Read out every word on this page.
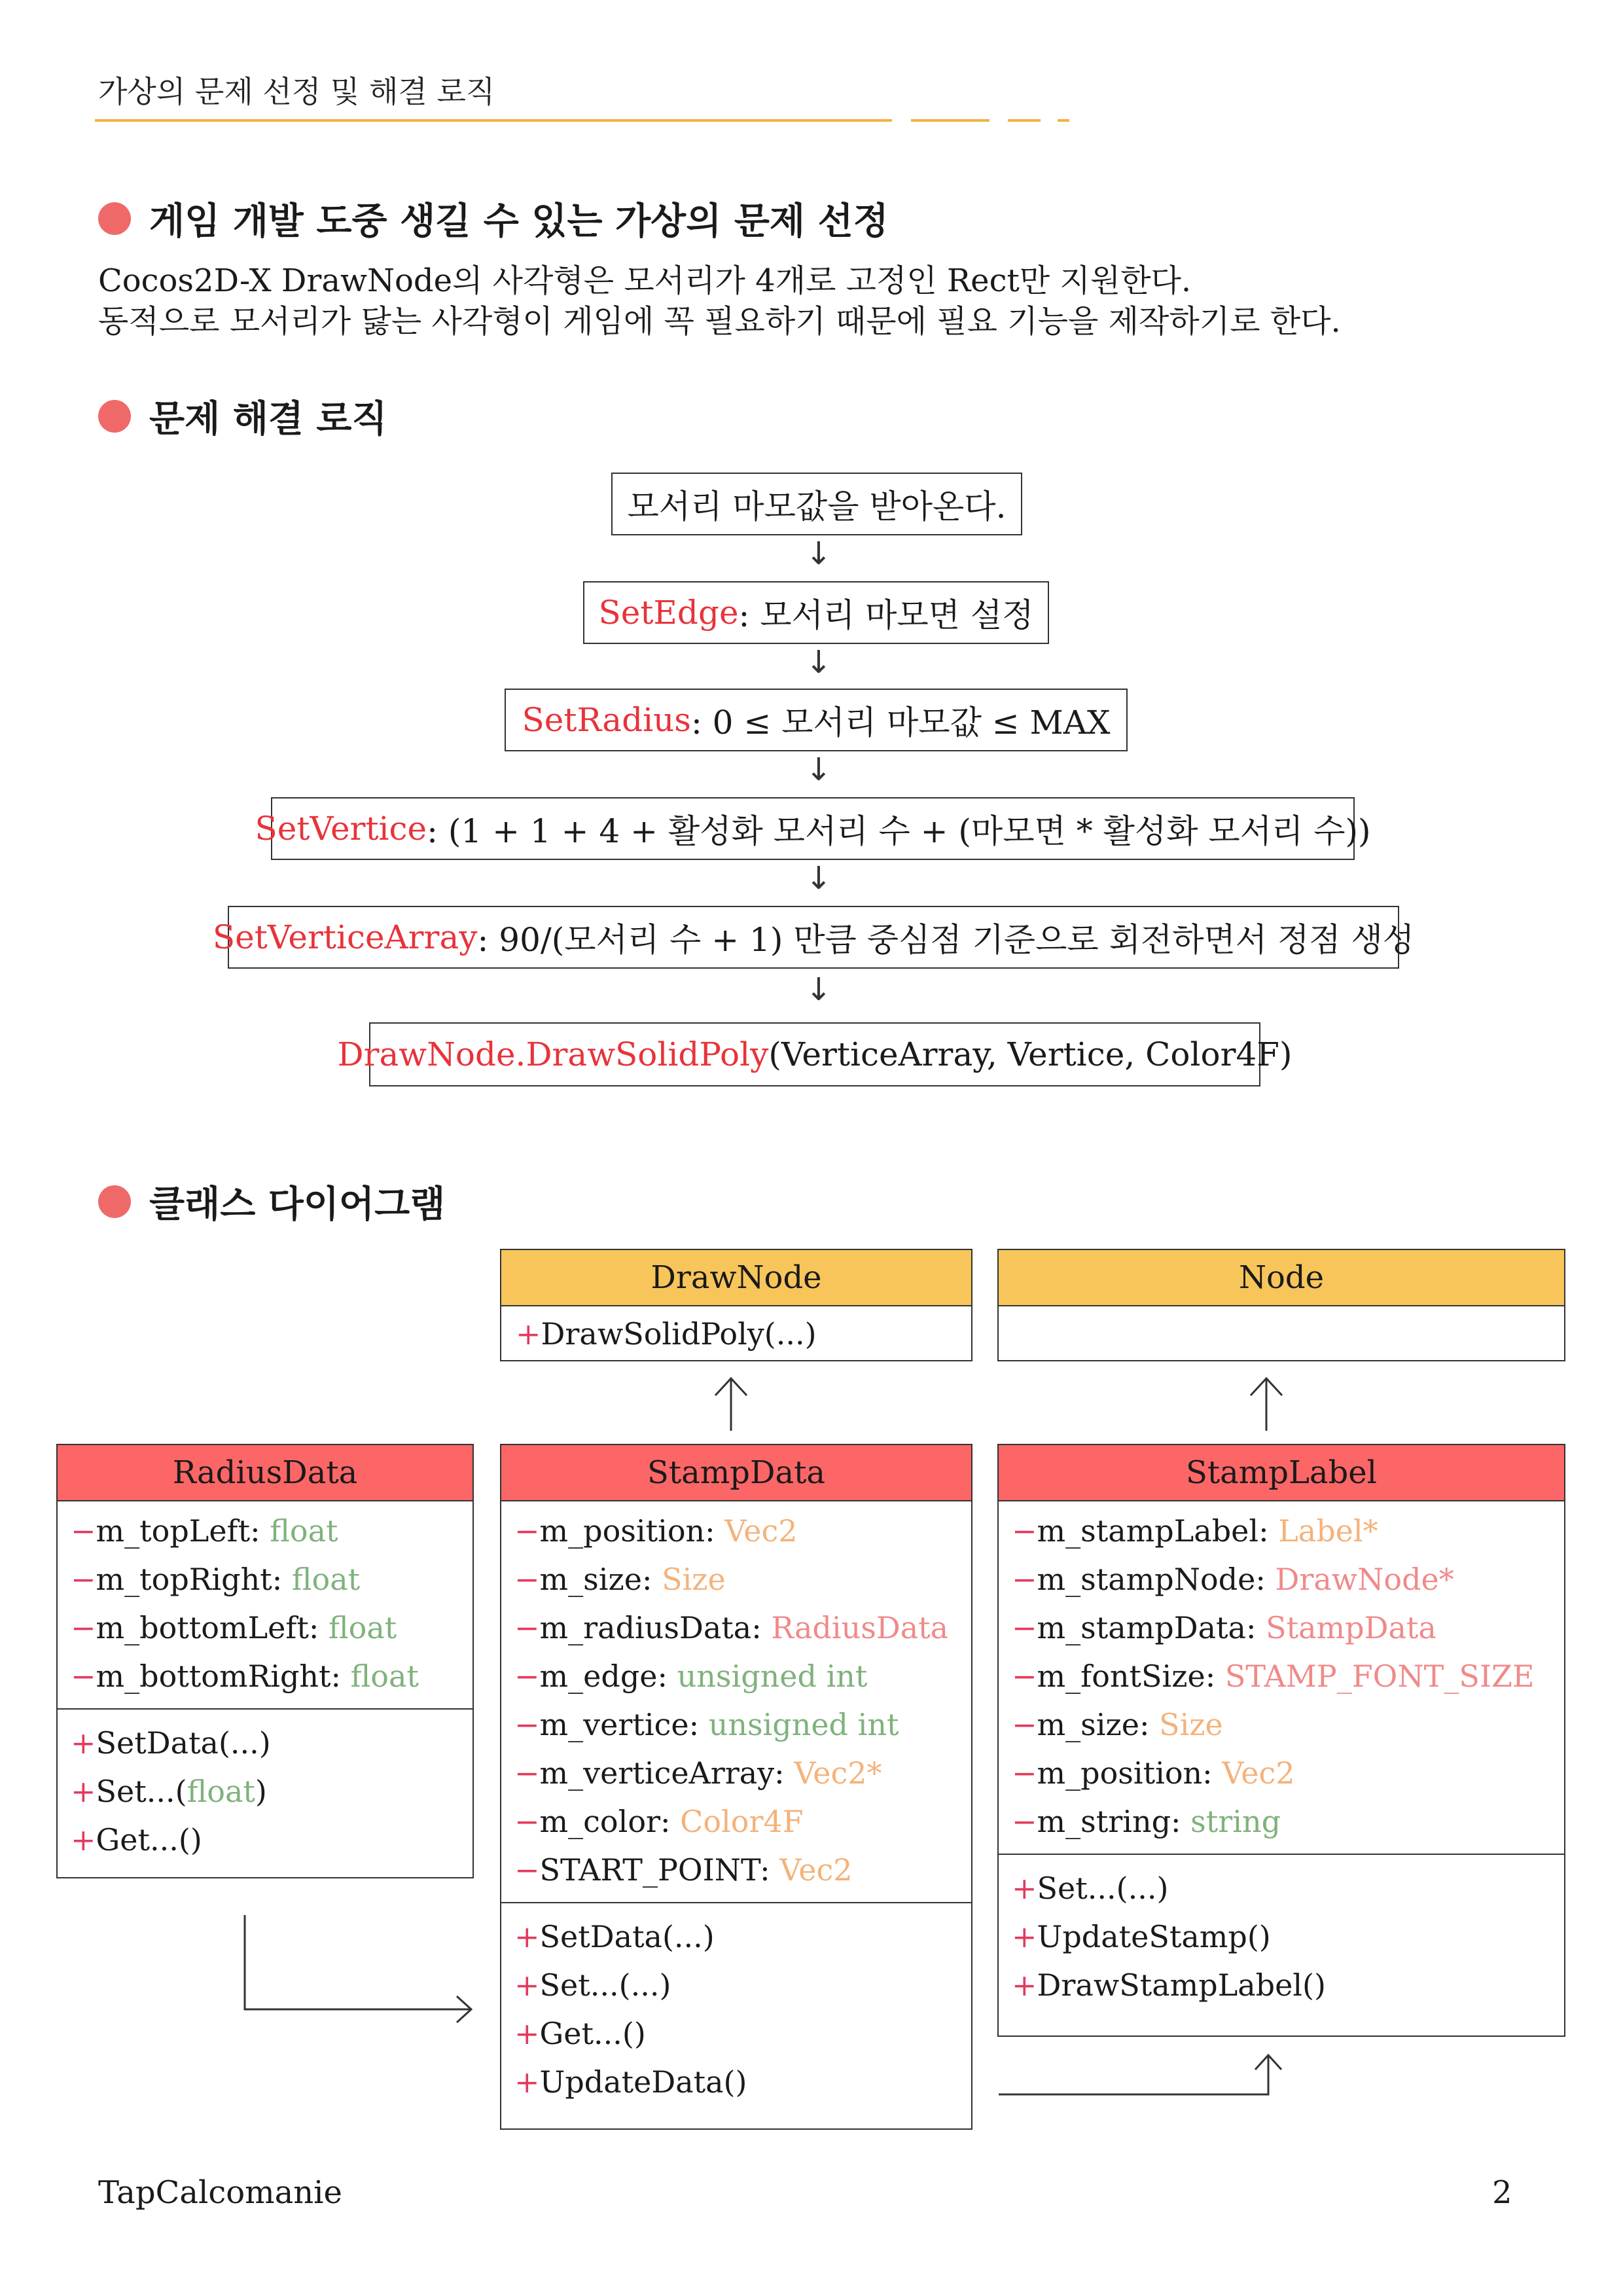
가상의 문제 선정 및 해결 로직
게임 개발 도중 생길 수 있는 가상의 문제 선정
Cocos2D-X DrawNode의 사각형은 모서리가 4개로 고정인 Rect만 지원한다.
동적으로 모서리가 닳는 사각형이 게임에 꼭 필요하기 때문에 필요 기능을 제작하기로 한다.
문제 해결 로직
모서리 마모값을 받아온다.
↓
SetEdge : 모서리 마모면 설정
↓
SetRadius : 0 ≤ 모서리 마모값 ≤ MAX
↓
SetVertice : (1 + 1 + 4 + 활성화 모서리 수 + (마모면 * 활성화 모서리 수))
↓
SetVerticeArray : 90/(모서리 수 + 1) 만큼 중심점 기준으로 회전하면서 정점 생성
↓
DrawNode.DrawSolidPoly (VerticeArray, Vertice, Color4F)
클래스 다이어그램
DrawNode
+DrawSolidPoly(...)
Node
RadiusData
−m_topLeft: float
−m_topRight: float
−m_bottomLeft: float
−m_bottomRight: float
+SetData(...)
+Set...(float)
+Get...()
StampData
−m_position: Vec2
−m_size: Size
−m_radiusData: RadiusData
−m_edge: unsigned int
−m_vertice: unsigned int
−m_verticeArray: Vec2*
−m_color: Color4F
−START_POINT: Vec2
+SetData(...)
+Set...(...)
+Get...()
+UpdateData()
StampLabel
−m_stampLabel: Label*
−m_stampNode: DrawNode*
−m_stampData: StampData
−m_fontSize: STAMP_FONT_SIZE
−m_size: Size
−m_position: Vec2
−m_string: string
+Set...(...)
+UpdateStamp()
+DrawStampLabel()
TapCalcomanie	2
